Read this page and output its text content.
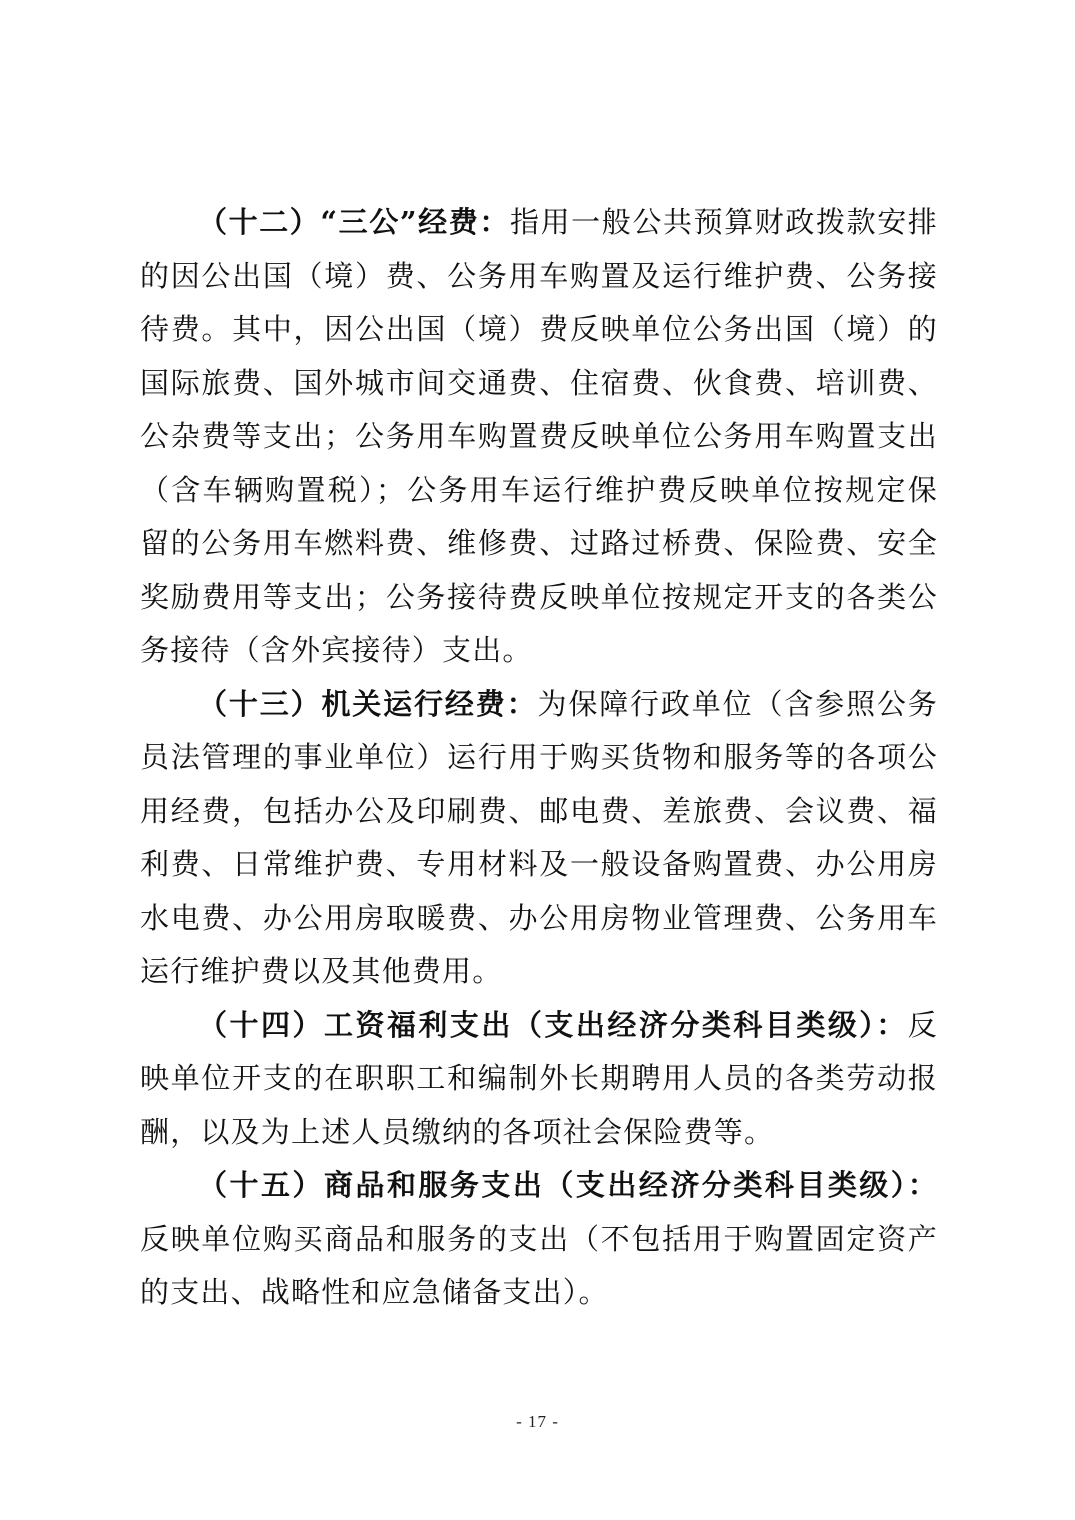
（十二）“三公”经费：指用一般公共预算财政拨款安排的因公出国（境）费、公务用车购置及运行维护费、公务接待费。其中，因公出国（境）费反映单位公务出国（境）的国际旅费、国外城市间交通费、住宿费、伙食费、培训费、公杂费等支出；公务用车购置费反映单位公务用车购置支出（含车辆购置税）；公务用车运行维护费反映单位按规定保留的公务用车燃料费、维修费、过路过桥费、保险费、安全奖励费用等支出；公务接待费反映单位按规定开支的各类公务接待（含外宾接待）支出。

（十三）机关运行经费：为保障行政单位（含参照公务员法管理的事业单位）运行用于购买货物和服务等的各项公用经费，包括办公及印刷费、邮电费、差旅费、会议费、福利费、日常维护费、专用材料及一般设备购置费、办公用房水电费、办公用房取暖费、办公用房物业管理费、公务用车运行维护费以及其他费用。

（十四）工资福利支出（支出经济分类科目类级）：反映单位开支的在职职工和编制外长期聘用人员的各类劳动报酬，以及为上述人员缴纳的各项社会保险费等。

（十五）商品和服务支出（支出经济分类科目类级）：反映单位购买商品和服务的支出（不包括用于购置固定资产的支出、战略性和应急储备支出）。

- 17 -
